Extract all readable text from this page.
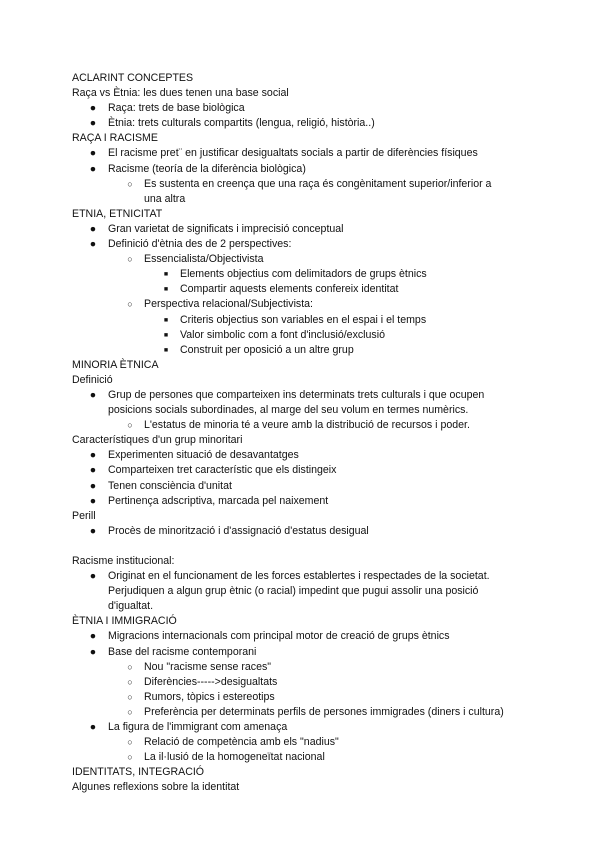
ACLARINT CONCEPTES
Raça vs Ètnia: les dues tenen una base social
● Raça: trets de base biològica
● Ètnia: trets culturals compartits (lengua, religió, història..)
RAÇA I RACISME
● El racisme pret¨ en justificar desigualtats socials a partir de diferències físiques
● Racisme (teoría de la diferència biològica)
○	Es sustenta en creença que una raça és congènitament superior/inferior a
una altra
ETNIA, ETNICITAT
● Gran varietat de significats i imprecisió conceptual
● Definició d'ètnia des de 2 perspectives:
○	Essencialista/Objectivista
■	Elements objectius com delimitadors de grups ètnics
■	Compartir aquests elements confereix identitat
○	Perspectiva relacional/Subjectivista:
■	Criteris objectius son variables en el espai i el temps
■	Valor simbolic com a font d'inclusió/exclusió
■	Construit per oposició a un altre grup
MINORIA ÈTNICA
Definició
● Grup de persones que comparteixen ins determinats trets culturals i que ocupen
posicions socials subordinades, al marge del seu volum en termes numèrics.
○	L'estatus de minoria té a veure amb la distribució de recursos i poder.
Característiques d'un grup minoritari
● Experimenten situació de desavantatges
● Comparteixen tret característic que els distingeix
● Tenen consciència d'unitat
● Pertinença adscriptiva, marcada pel naixement
Perill
● Procès de minorització i d'assignació d'estatus desigual
Racisme institucional:
● Originat en el funcionament de les forces establertes i respectades de la societat.
Perjudiquen a algun grup ètnic (o racial) impedint que pugui assolir una posició
d'igualtat.
ÈTNIA I IMMIGRACIÓ
● Migracions internacionals com principal motor de creació de grups ètnics
● Base del racisme contemporani
○	Nou "racisme sense races"
○	Diferències----->desigualtats
○	Rumors, tòpics i estereotips
○	Preferència per determinats perfils de persones immigrades (diners i cultura)
● La figura de l'immigrant com amenaça
○	Relació de competència amb els "nadius"
○	La il·lusió de la homogeneïtat nacional
IDENTITATS, INTEGRACIÓ
Algunes reflexions sobre la identitat
